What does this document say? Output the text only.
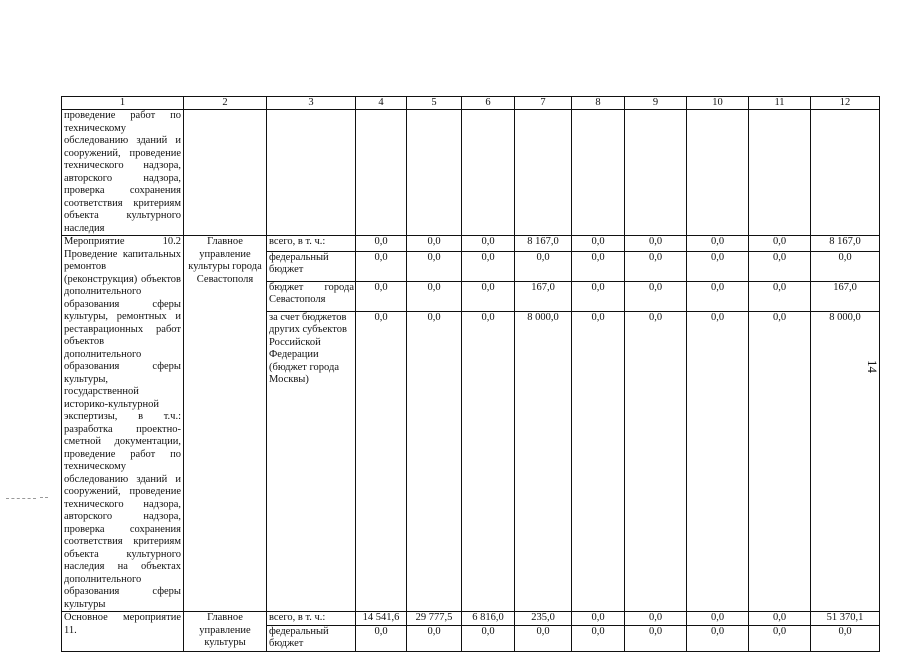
1	2	3	4	5	6	7	8	9	10	11	12
проведение работ по техническому обследованию зданий и сооружений, проведение технического надзора, авторского надзора, проверка сохранения соответствия критериям объекта культурного наследия											
Мероприятие 10.2 Проведение капитальных ремонтов (реконструкция) объектов дополнительного образования сферы культуры, ремонтных и реставрационных работ объектов дополнительного образования сферы культуры, государственной историко-культурной экспертизы, в т.ч.: разработка проектно-сметной документации, проведение работ по техническому обследованию зданий и сооружений, проведение технического надзора, авторского надзора, проверка сохранения соответствия критериям объекта культурного наследия на объектах дополнительного образования сферы культуры	Главное управление культуры города Севастополя	всего, в т. ч.:	0,0	0,0	0,0	8 167,0	0,0	0,0	0,0	0,0	8 167,0
		федеральный бюджет	0,0	0,0	0,0	0,0	0,0	0,0	0,0	0,0	0,0
		бюджет города Севастополя	0,0	0,0	0,0	167,0	0,0	0,0	0,0	0,0	167,0
		за счет бюджетов других субъектов Российской Федерации (бюджет города Москвы)	0,0	0,0	0,0	8 000,0	0,0	0,0	0,0	0,0	8 000,0
Основное мероприятие 11.	Главное управление культуры	всего, в т. ч.:	14 541,6	29 777,5	6 816,0	235,0	0,0	0,0	0,0	0,0	51 370,1
		федеральный бюджет	0,0	0,0	0,0	0,0	0,0	0,0	0,0	0,0	0,0
14
